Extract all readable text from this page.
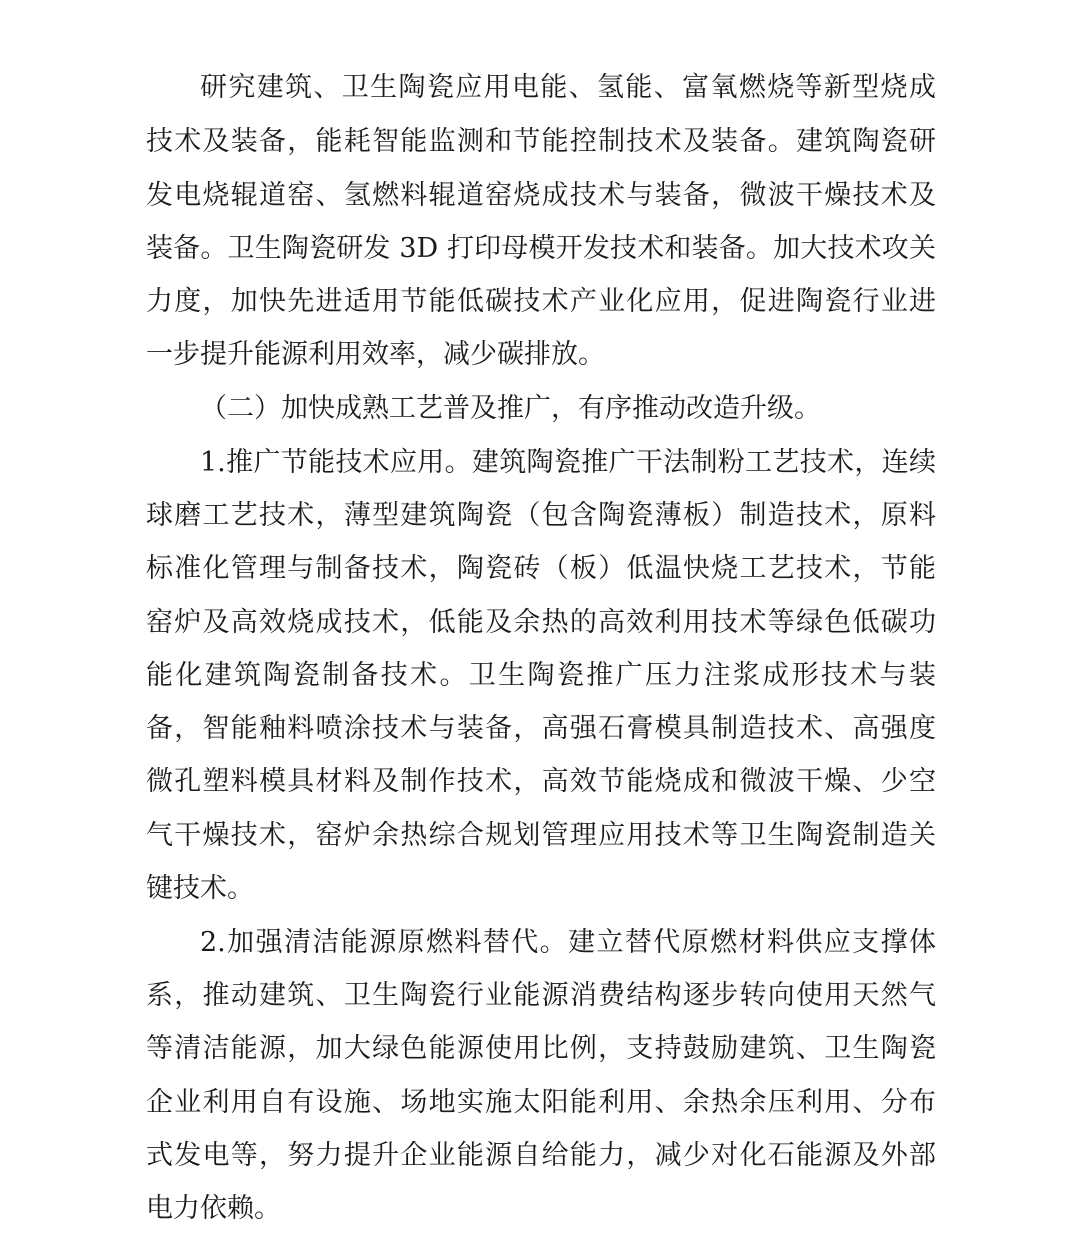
研究建筑、卫生陶瓷应用电能、氢能、富氧燃烧等新型烧成
技术及装备，能耗智能监测和节能控制技术及装备。建筑陶瓷研
发电烧辊道窑、氢燃料辊道窑烧成技术与装备，微波干燥技术及
装备。卫生陶瓷研发 3D 打印母模开发技术和装备。加大技术攻关
力度，加快先进适用节能低碳技术产业化应用，促进陶瓷行业进
一步提升能源利用效率，减少碳排放。
（二）加快成熟工艺普及推广，有序推动改造升级。
1.推广节能技术应用。建筑陶瓷推广干法制粉工艺技术，连续
球磨工艺技术，薄型建筑陶瓷（包含陶瓷薄板）制造技术，原料
标准化管理与制备技术，陶瓷砖（板）低温快烧工艺技术，节能
窑炉及高效烧成技术，低能及余热的高效利用技术等绿色低碳功
能化建筑陶瓷制备技术。卫生陶瓷推广压力注浆成形技术与装
备，智能釉料喷涂技术与装备，高强石膏模具制造技术、高强度
微孔塑料模具材料及制作技术，高效节能烧成和微波干燥、少空
气干燥技术，窑炉余热综合规划管理应用技术等卫生陶瓷制造关
键技术。
2.加强清洁能源原燃料替代。建立替代原燃材料供应支撑体
系，推动建筑、卫生陶瓷行业能源消费结构逐步转向使用天然气
等清洁能源，加大绿色能源使用比例，支持鼓励建筑、卫生陶瓷
企业利用自有设施、场地实施太阳能利用、余热余压利用、分布
式发电等，努力提升企业能源自给能力，减少对化石能源及外部
电力依赖。
